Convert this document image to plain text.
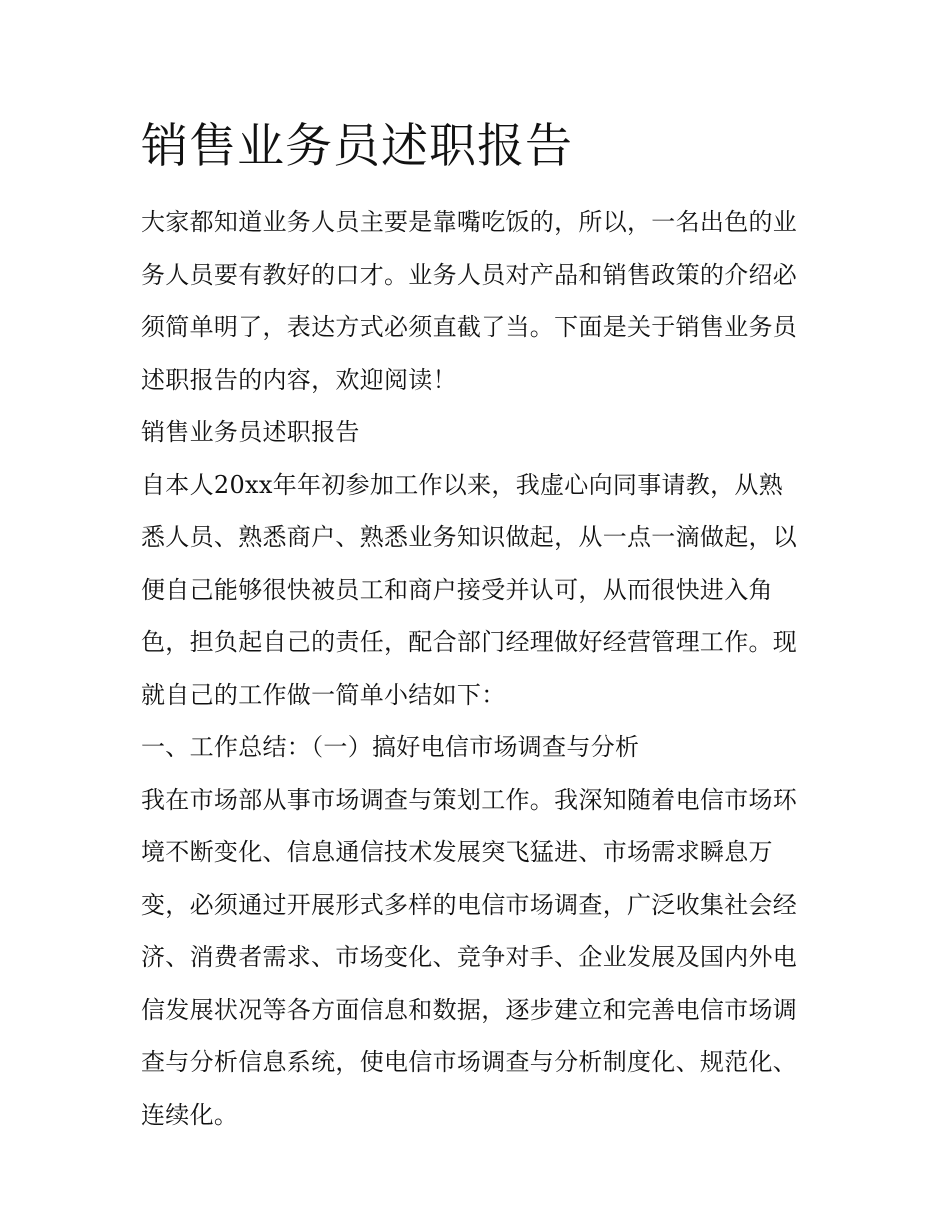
销售业务员述职报告

大家都知道业务人员主要是靠嘴吃饭的，所以，一名出色的业
务人员要有教好的口才。业务人员对产品和销售政策的介绍必
须简单明了，表达方式必须直截了当。下面是关于销售业务员
述职报告的内容，欢迎阅读！

销售业务员述职报告

自本人20xx年年初参加工作以来，我虚心向同事请教，从熟
悉人员、熟悉商户、熟悉业务知识做起，从一点一滴做起，以
便自己能够很快被员工和商户接受并认可，从而很快进入角
色，担负起自己的责任，配合部门经理做好经营管理工作。现
就自己的工作做一简单小结如下：

一、工作总结：（一）搞好电信市场调查与分析

我在市场部从事市场调查与策划工作。我深知随着电信市场环
境不断变化、信息通信技术发展突飞猛进、市场需求瞬息万
变，必须通过开展形式多样的电信市场调查，广泛收集社会经
济、消费者需求、市场变化、竞争对手、企业发展及国内外电
信发展状况等各方面信息和数据，逐步建立和完善电信市场调
查与分析信息系统，使电信市场调查与分析制度化、规范化、
连续化。
